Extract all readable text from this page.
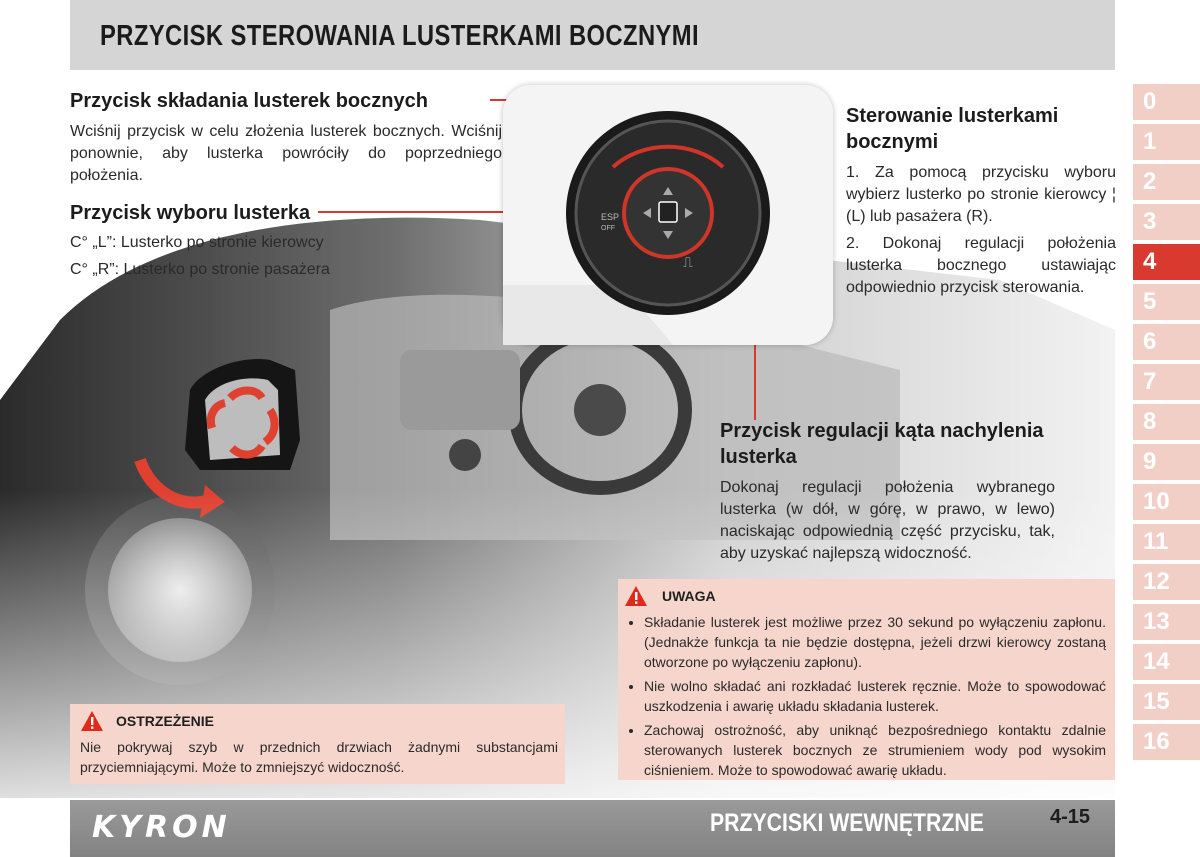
PRZYCISK STEROWANIA LUSTERKAMI BOCZNYMI
Przycisk składania lusterek bocznych
Wciśnij przycisk w celu złożenia lusterek bocznych. Wciśnij ponownie, aby lusterka powróciły do poprzedniego położenia.
Przycisk wyboru lusterka
C° „L”: Lusterko po stronie kierowcy
C° „R”: Lusterko po stronie pasażera
ESP
OFF
⎍
Sterowanie lusterkami
bocznymi
1. Za pomocą przycisku wyboru wybierz lusterko po stronie kierowcy ¦ (L) lub pasażera (R).
2. Dokonaj regulacji położenia lusterka bocznego ustawiając odpowiednio przycisk sterowania.
Przycisk regulacji kąta nachylenia
lusterka
Dokonaj regulacji położenia wybranego lusterka (w dół, w górę, w prawo, w lewo) naciskając odpowiednią część przycisku, tak, aby uzyskać najlepszą widoczność.
UWAGA
• Składanie lusterek jest możliwe przez 30 sekund po wyłączeniu zapłonu. (Jednakże funkcja ta nie będzie dostępna, jeżeli drzwi kierowcy zostaną otworzone po wyłączeniu zapłonu).
• Nie wolno składać ani rozkładać lusterek ręcznie. Może to spowodować uszkodzenia i awarię układu składania lusterek.
• Zachowaj ostrożność, aby uniknąć bezpośredniego kontaktu zdalnie sterowanych lusterek bocznych ze strumieniem wody pod wysokim ciśnieniem. Może to spowodować awarię układu.
OSTRZEŻENIE
Nie pokrywaj szyb w przednich drzwiach żadnymi substancjami przyciemniającymi. Może to zmniejszyć widoczność.
0
1
2
3
4
5
6
7
8
9
10
11
12
13
14
15
16
KYRON	PRZYCISKI WEWNĘTRZNE	4-15
